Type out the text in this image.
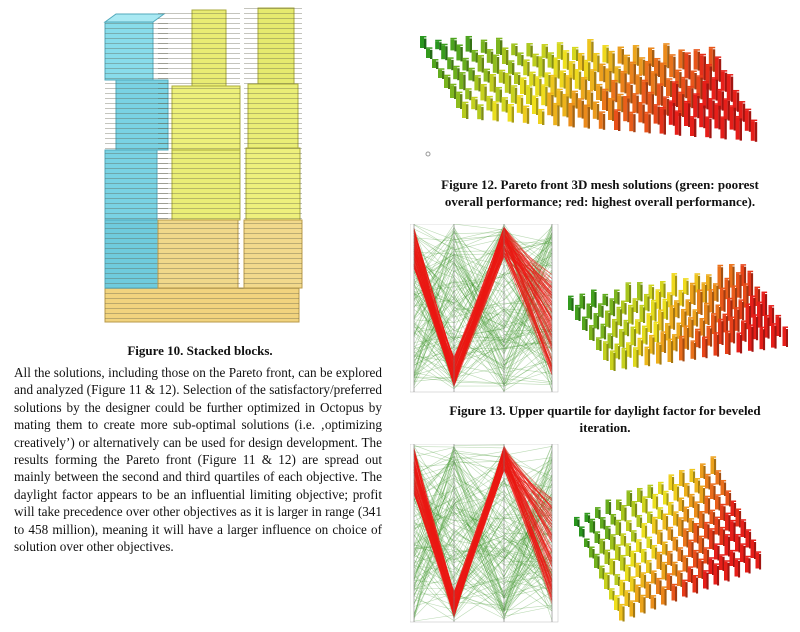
Figure 10. Stacked blocks.

All the solutions, including those on the Pareto front, can be explored and analyzed (Figure 11 & 12). Selection of the satisfactory/preferred solutions by the designer could be further optimized in Octopus by mating them to create more sub-optimal solutions (i.e. ‚optimizing creatively’) or alternatively can be used for design development. The results forming the Pareto front (Figure 11 & 12) are spread out mainly between the second and third quartiles of each objective. The daylight factor appears to be an influential limiting objective; profit will take precedence over other objectives as it is larger in range (341 to 458 million), meaning it will have a larger influence on choice of solution over other objectives.

Figure 12. Pareto front 3D mesh solutions (green: poorest overall performance; red: highest overall performance).
Figure 13. Upper quartile for daylight factor for beveled iteration.
